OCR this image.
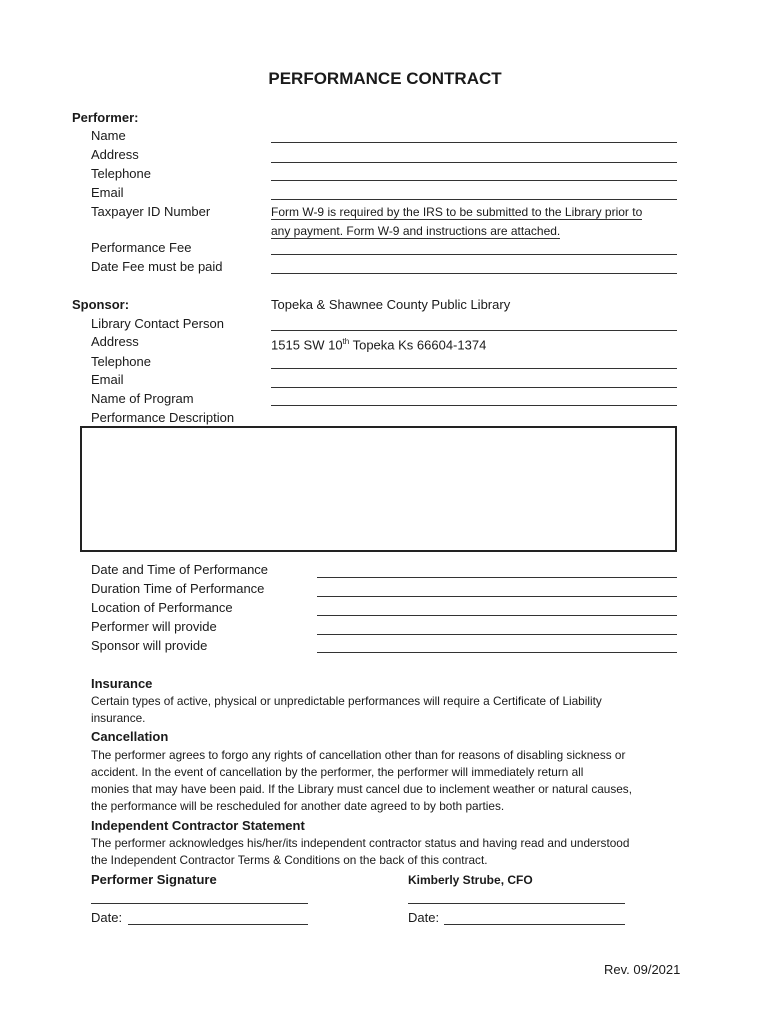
PERFORMANCE CONTRACT
Performer:
Name
Address
Telephone
Email
Taxpayer ID Number	Form W-9 is required by the IRS to be submitted to the Library prior to
any payment. Form W-9 and instructions are attached.
Performance Fee
Date Fee must be paid
Sponsor:	Topeka & Shawnee County Public Library
Library Contact Person
Address	1515 SW 10th Topeka Ks 66604-1374
Telephone
Email
Name of Program
Performance Description
Date and Time of Performance
Duration Time of Performance
Location of Performance
Performer will provide
Sponsor will provide
Insurance
Certain types of active, physical or unpredictable performances will require a Certificate of Liability
insurance.
Cancellation
The performer agrees to forgo any rights of cancellation other than for reasons of disabling sickness or
accident. In the event of cancellation by the performer, the performer will immediately return all
monies that may have been paid. If the Library must cancel due to inclement weather or natural causes,
the performance will be rescheduled for another date agreed to by both parties.
Independent Contractor Statement
The performer acknowledges his/her/its independent contractor status and having read and understood
the Independent Contractor Terms & Conditions on the back of this contract.
Performer Signature	Kimberly Strube, CFO
Date:	Date:
Rev. 09/2021
